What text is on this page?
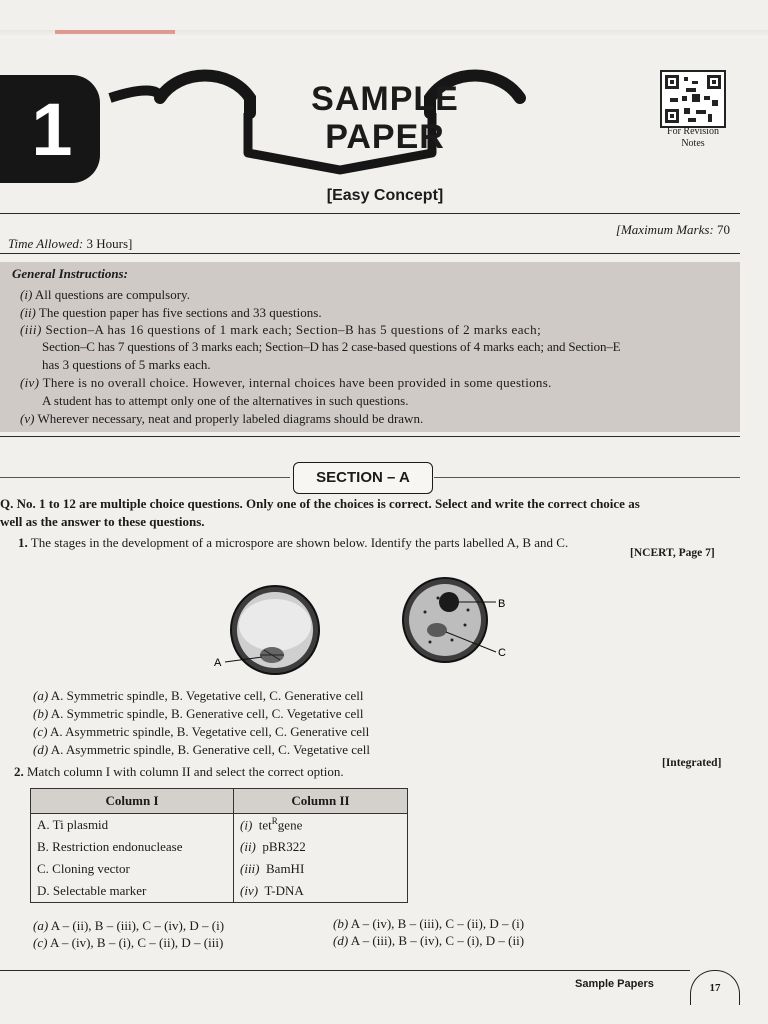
1	SAMPLE
PAPER
[Easy Concept]
For Revision
Notes
[Maximum Marks: 70
Time Allowed: 3 Hours]
General Instructions:
(i) All questions are compulsory.
(ii) The question paper has five sections and 33 questions.
(iii) Section–A has 16 questions of 1 mark each; Section–B has 5 questions of 2 marks each;
Section–C has 7 questions of 3 marks each; Section–D has 2 case-based questions of 4 marks each; and Section–E
has 3 questions of 5 marks each.
(iv) There is no overall choice. However, internal choices have been provided in some questions.
A student has to attempt only one of the alternatives in such questions.
(v) Wherever necessary, neat and properly labeled diagrams should be drawn.
SECTION – A
Q. No. 1 to 12 are multiple choice questions. Only one of the choices is correct. Select and write the correct choice as
well as the answer to these questions.
1. The stages in the development of a microspore are shown below. Identify the parts labelled A, B and C.
[NCERT, Page 7]
A
B
C
(a) A. Symmetric spindle, B. Vegetative cell, C. Generative cell
(b) A. Symmetric spindle, B. Generative cell, C. Vegetative cell
(c) A. Asymmetric spindle, B. Vegetative cell, C. Generative cell
(d) A. Asymmetric spindle, B. Generative cell, C. Vegetative cell
2. Match column I with column II and select the correct option.
[Integrated]
Column I	Column II
A. Ti plasmid	(i) tet$^R$gene
B. Restriction endonuclease	(ii) pBR322
C. Cloning vector	(iii) BamHI
D. Selectable marker	(iv) T-DNA
(a) A – (ii), B – (iii), C – (iv), D – (i)
(c) A – (iv), B – (i), C – (ii), D – (iii)
(b) A – (iv), B – (iii), C – (ii), D – (i)
(d) A – (iii), B – (iv), C – (i), D – (ii)
Sample Papers	17
